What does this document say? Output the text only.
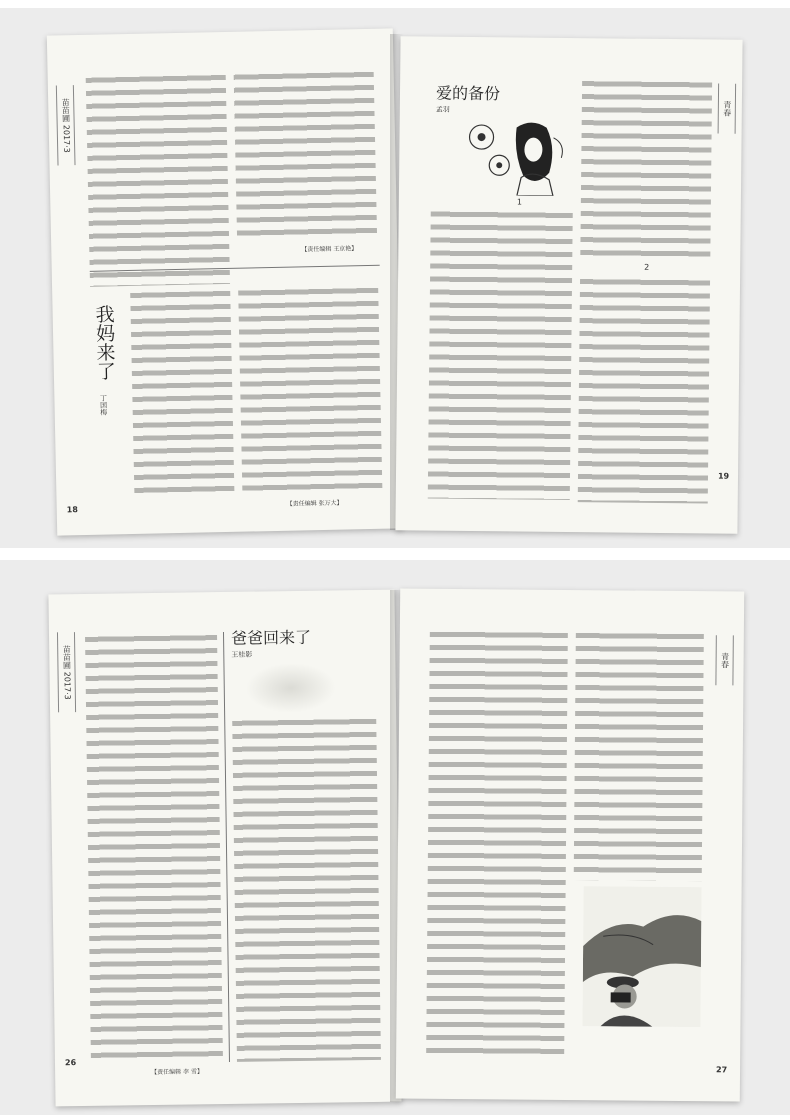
苗苗圃 2017·3
【责任编辑 王京艳】
我妈来了
丁国梅
【责任编辑 张万大】
18
爱的备份
孟羽
1
2
青春
19
苗苗圃 2017·3
爸爸回来了
王桂影
【责任编辑 李 雪】
26
青春
27
